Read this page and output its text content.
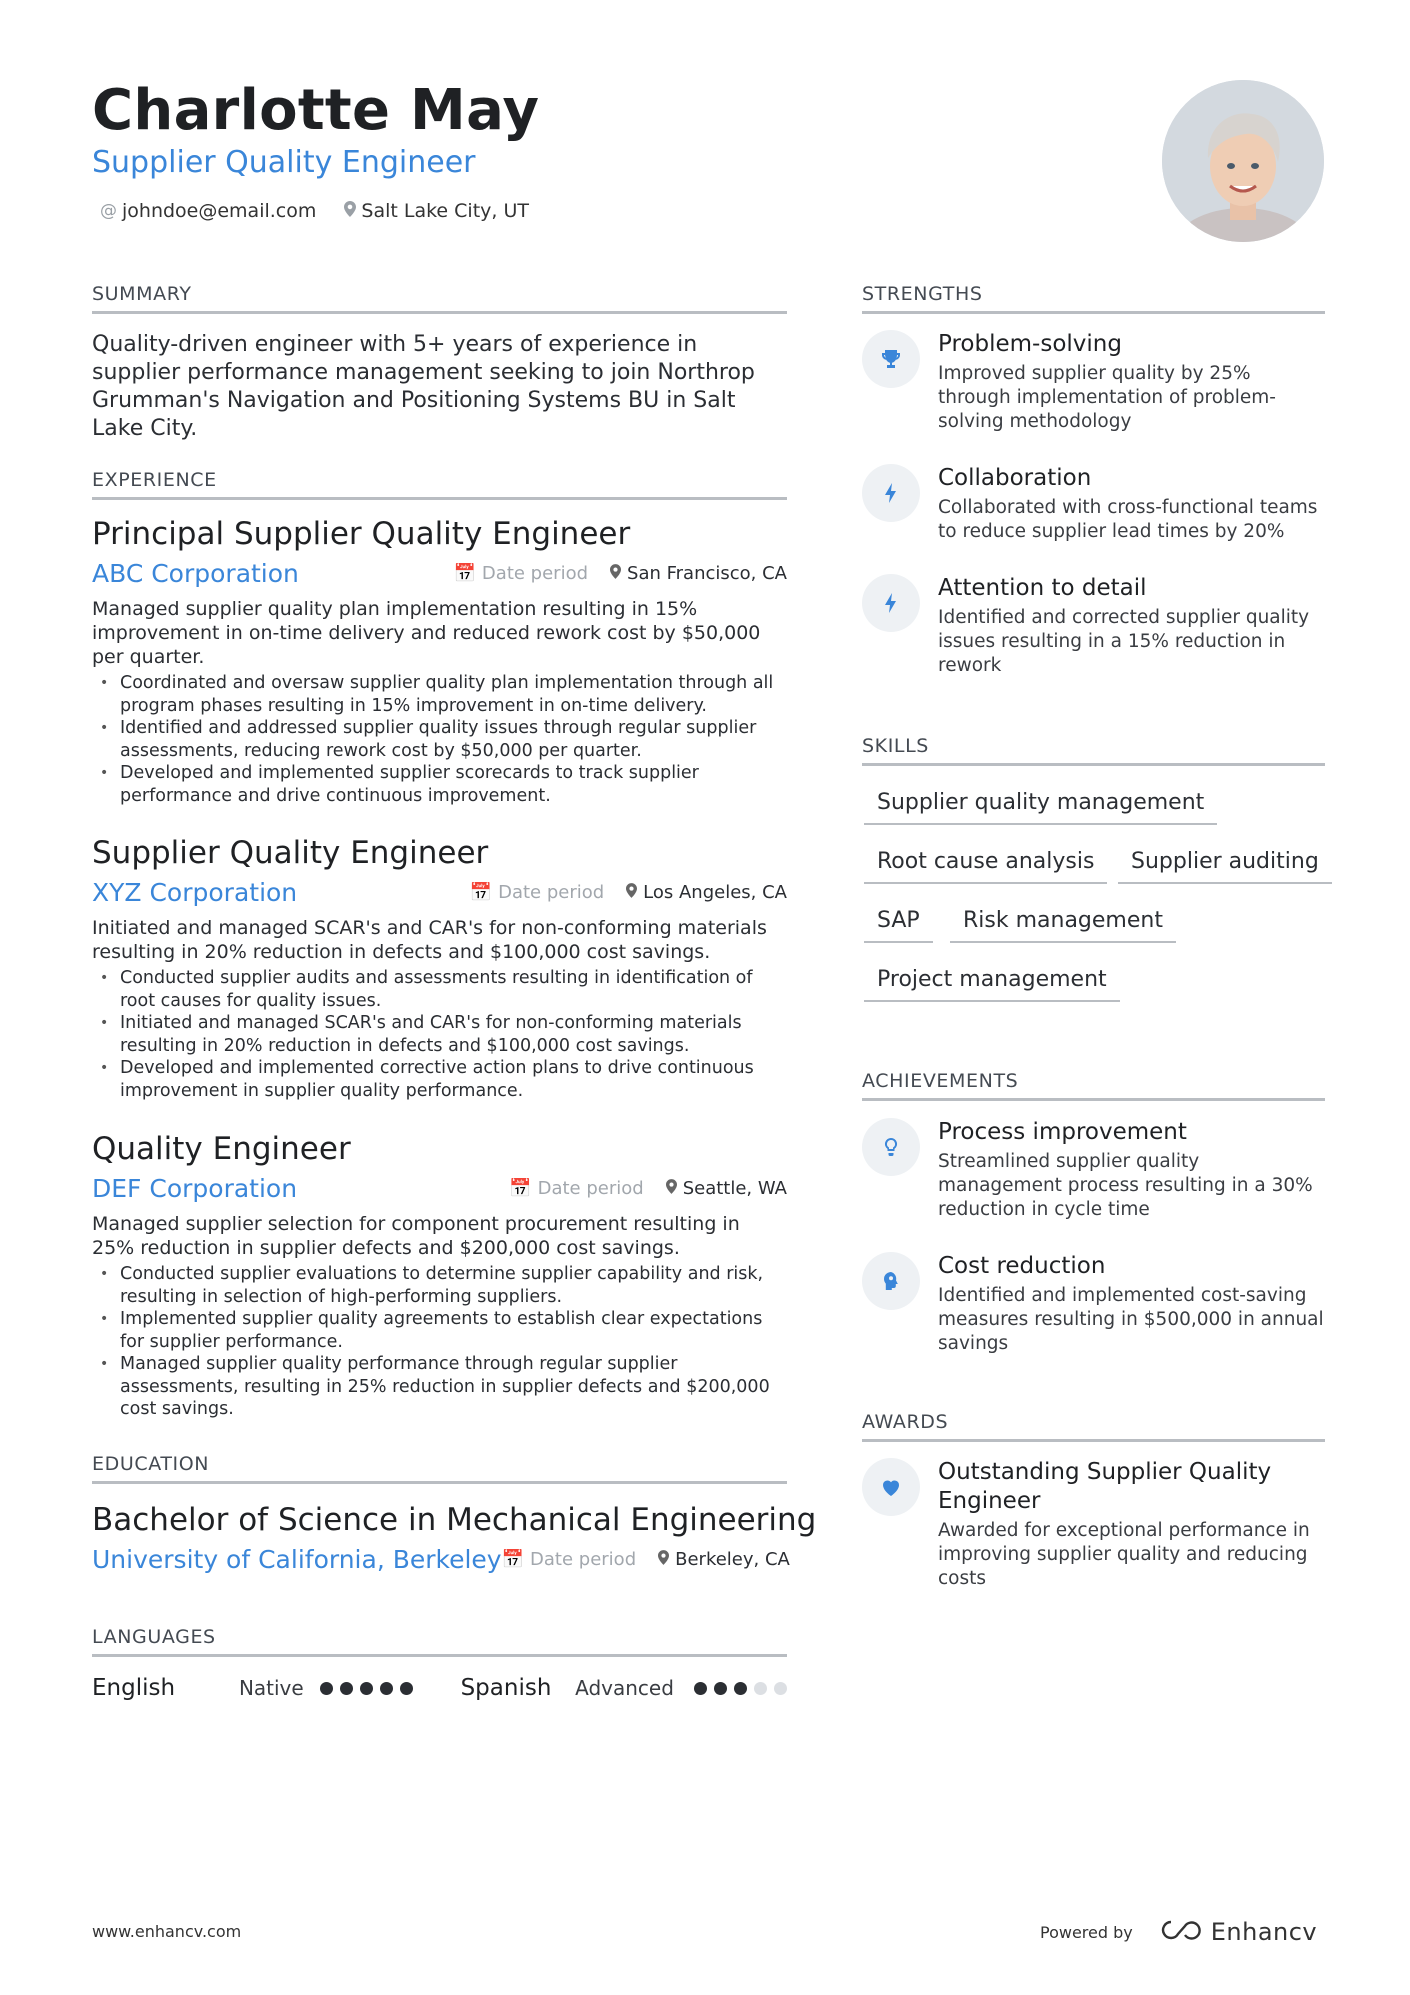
Charlotte May
Supplier Quality Engineer
@ johndoe@email.com Salt Lake City, UT
SUMMARY
Quality-driven engineer with 5+ years of experience in supplier performance management seeking to join Northrop Grumman's Navigation and Positioning Systems BU in Salt Lake City.
EXPERIENCE
Principal Supplier Quality Engineer
ABC Corporation	📅 Date period San Francisco, CA
Managed supplier quality plan implementation resulting in 15% improvement in on-time delivery and reduced rework cost by $50,000 per quarter.
• Coordinated and oversaw supplier quality plan implementation through all program phases resulting in 15% improvement in on-time delivery.
• Identified and addressed supplier quality issues through regular supplier assessments, reducing rework cost by $50,000 per quarter.
• Developed and implemented supplier scorecards to track supplier performance and drive continuous improvement.
Supplier Quality Engineer
XYZ Corporation	📅 Date period Los Angeles, CA
Initiated and managed SCAR's and CAR's for non-conforming materials resulting in 20% reduction in defects and $100,000 cost savings.
• Conducted supplier audits and assessments resulting in identification of root causes for quality issues.
• Initiated and managed SCAR's and CAR's for non-conforming materials resulting in 20% reduction in defects and $100,000 cost savings.
• Developed and implemented corrective action plans to drive continuous improvement in supplier quality performance.
Quality Engineer
DEF Corporation	📅 Date period Seattle, WA
Managed supplier selection for component procurement resulting in 25% reduction in supplier defects and $200,000 cost savings.
• Conducted supplier evaluations to determine supplier capability and risk, resulting in selection of high-performing suppliers.
• Implemented supplier quality agreements to establish clear expectations for supplier performance.
• Managed supplier quality performance through regular supplier assessments, resulting in 25% reduction in supplier defects and $200,000 cost savings.
EDUCATION
Bachelor of Science in Mechanical Engineering
University of California, Berkeley 📅 Date period Berkeley, CA
LANGUAGES
English	Native	Spanish Advanced
STRENGTHS
Problem-solving
Improved supplier quality by 25% through implementation of problem-solving methodology
Collaboration
Collaborated with cross-functional teams to reduce supplier lead times by 20%
Attention to detail
Identified and corrected supplier quality issues resulting in a 15% reduction in rework
SKILLS
Supplier quality management
Root cause analysis	Supplier auditing
SAP	Risk management
Project management
ACHIEVEMENTS
Process improvement
Streamlined supplier quality management process resulting in a 30% reduction in cycle time
Cost reduction
Identified and implemented cost-saving measures resulting in $500,000 in annual savings
AWARDS
Outstanding Supplier Quality Engineer
Awarded for exceptional performance in improving supplier quality and reducing costs
www.enhancv.com	Powered by	Enhancv
